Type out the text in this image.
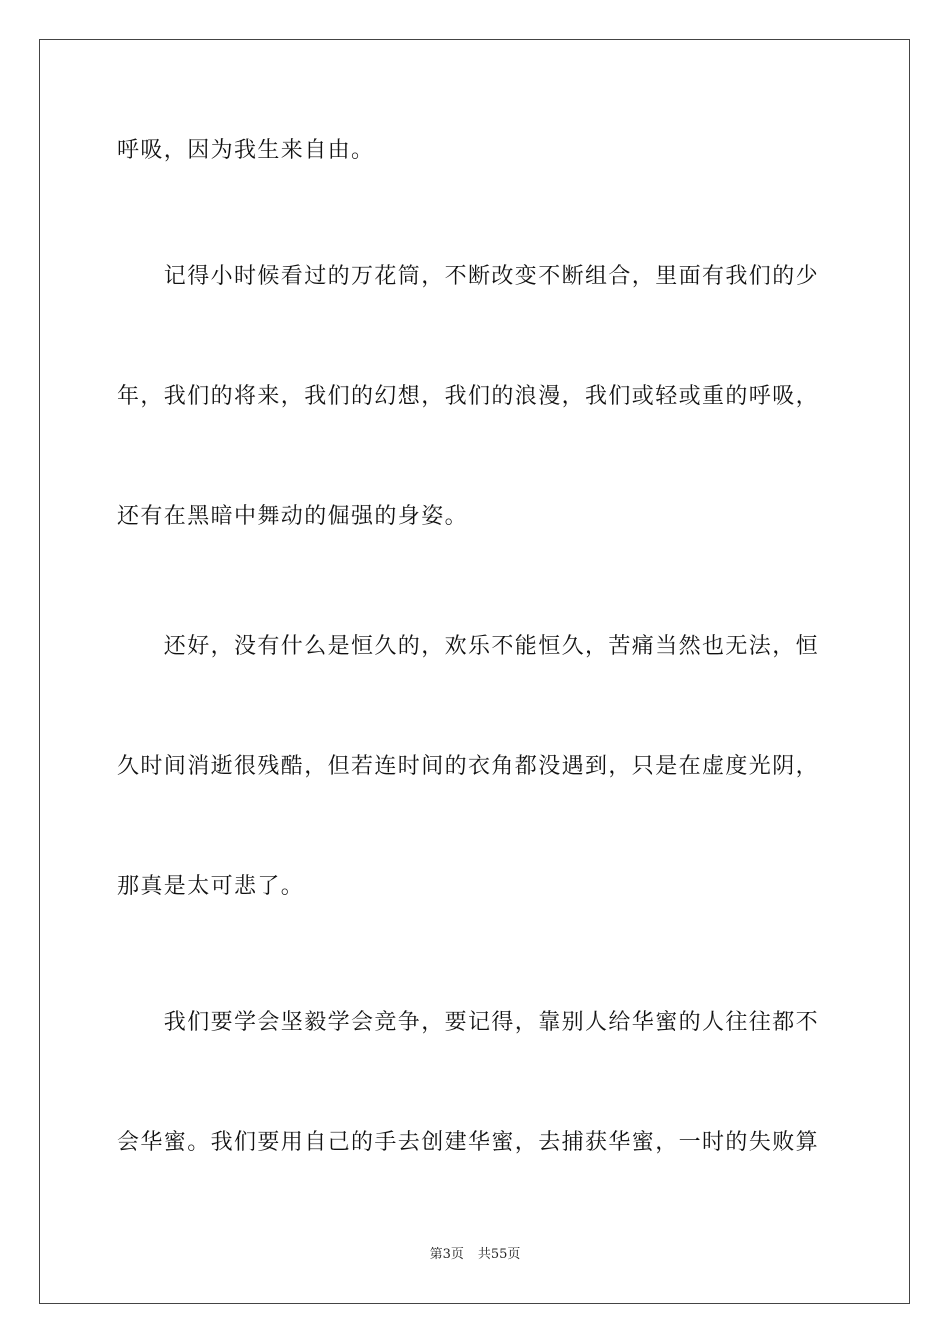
呼吸，因为我生来自由。
　　记得小时候看过的万花筒，不断改变不断组合，里面有我们的少
年，我们的将来，我们的幻想，我们的浪漫，我们或轻或重的呼吸，
还有在黑暗中舞动的倔强的身姿。
　　还好，没有什么是恒久的，欢乐不能恒久，苦痛当然也无法，恒
久时间消逝很残酷，但若连时间的衣角都没遇到，只是在虚度光阴，
那真是太可悲了。
　　我们要学会坚毅学会竞争，要记得，靠别人给华蜜的人往往都不
会华蜜。我们要用自己的手去创建华蜜，去捕获华蜜，一时的失败算
第3页 共55页
